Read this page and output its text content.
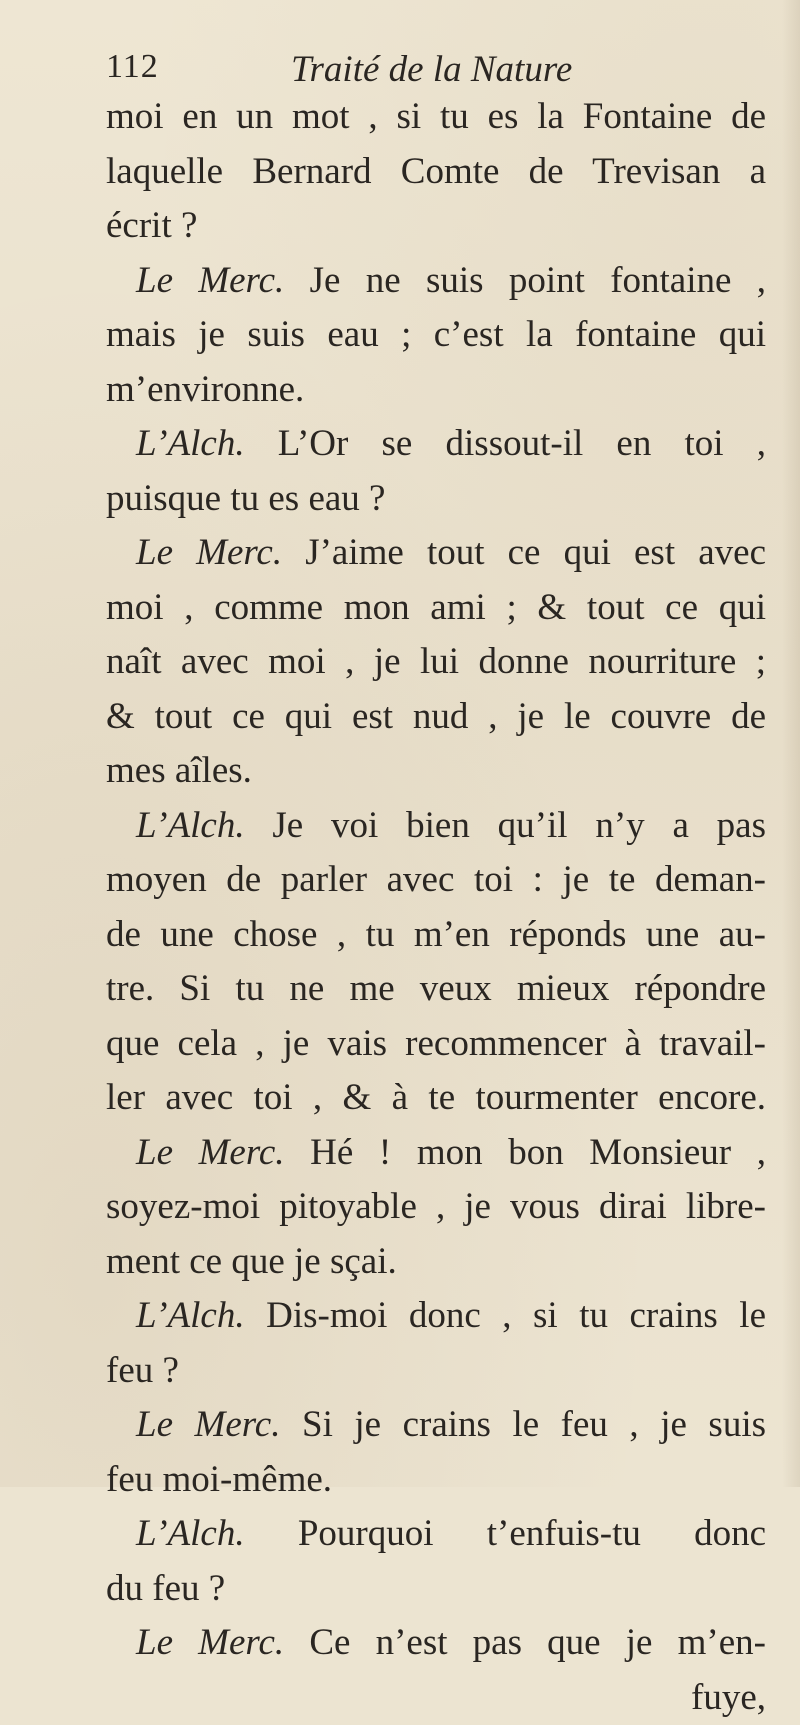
112	Traité de la Nature
moi en un mot , si tu es la Fontaine de
laquelle Bernard Comte de Trevisan a
écrit ?
Le Merc. Je ne suis point fontaine ,
mais je suis eau ; c’est la fontaine qui
m’environne.
L’Alch. L’Or se dissout-il en toi ,
puisque tu es eau ?
Le Merc. J’aime tout ce qui est avec
moi , comme mon ami ; & tout ce qui
naît avec moi , je lui donne nourriture ;
& tout ce qui est nud , je le couvre de
mes aîles.
L’Alch. Je voi bien qu’il n’y a pas
moyen de parler avec toi : je te deman-
de une chose , tu m’en réponds une au-
tre. Si tu ne me veux mieux répondre
que cela , je vais recommencer à travail-
ler avec toi , & à te tourmenter encore.
Le Merc. Hé ! mon bon Monsieur ,
soyez-moi pitoyable , je vous dirai libre-
ment ce que je sçai.
L’Alch. Dis-moi donc , si tu crains le
feu ?
Le Merc. Si je crains le feu , je suis
feu moi-même.
L’Alch. Pourquoi t’enfuis-tu donc
du feu ?
Le Merc. Ce n’est pas que je m’en-
fuye,
